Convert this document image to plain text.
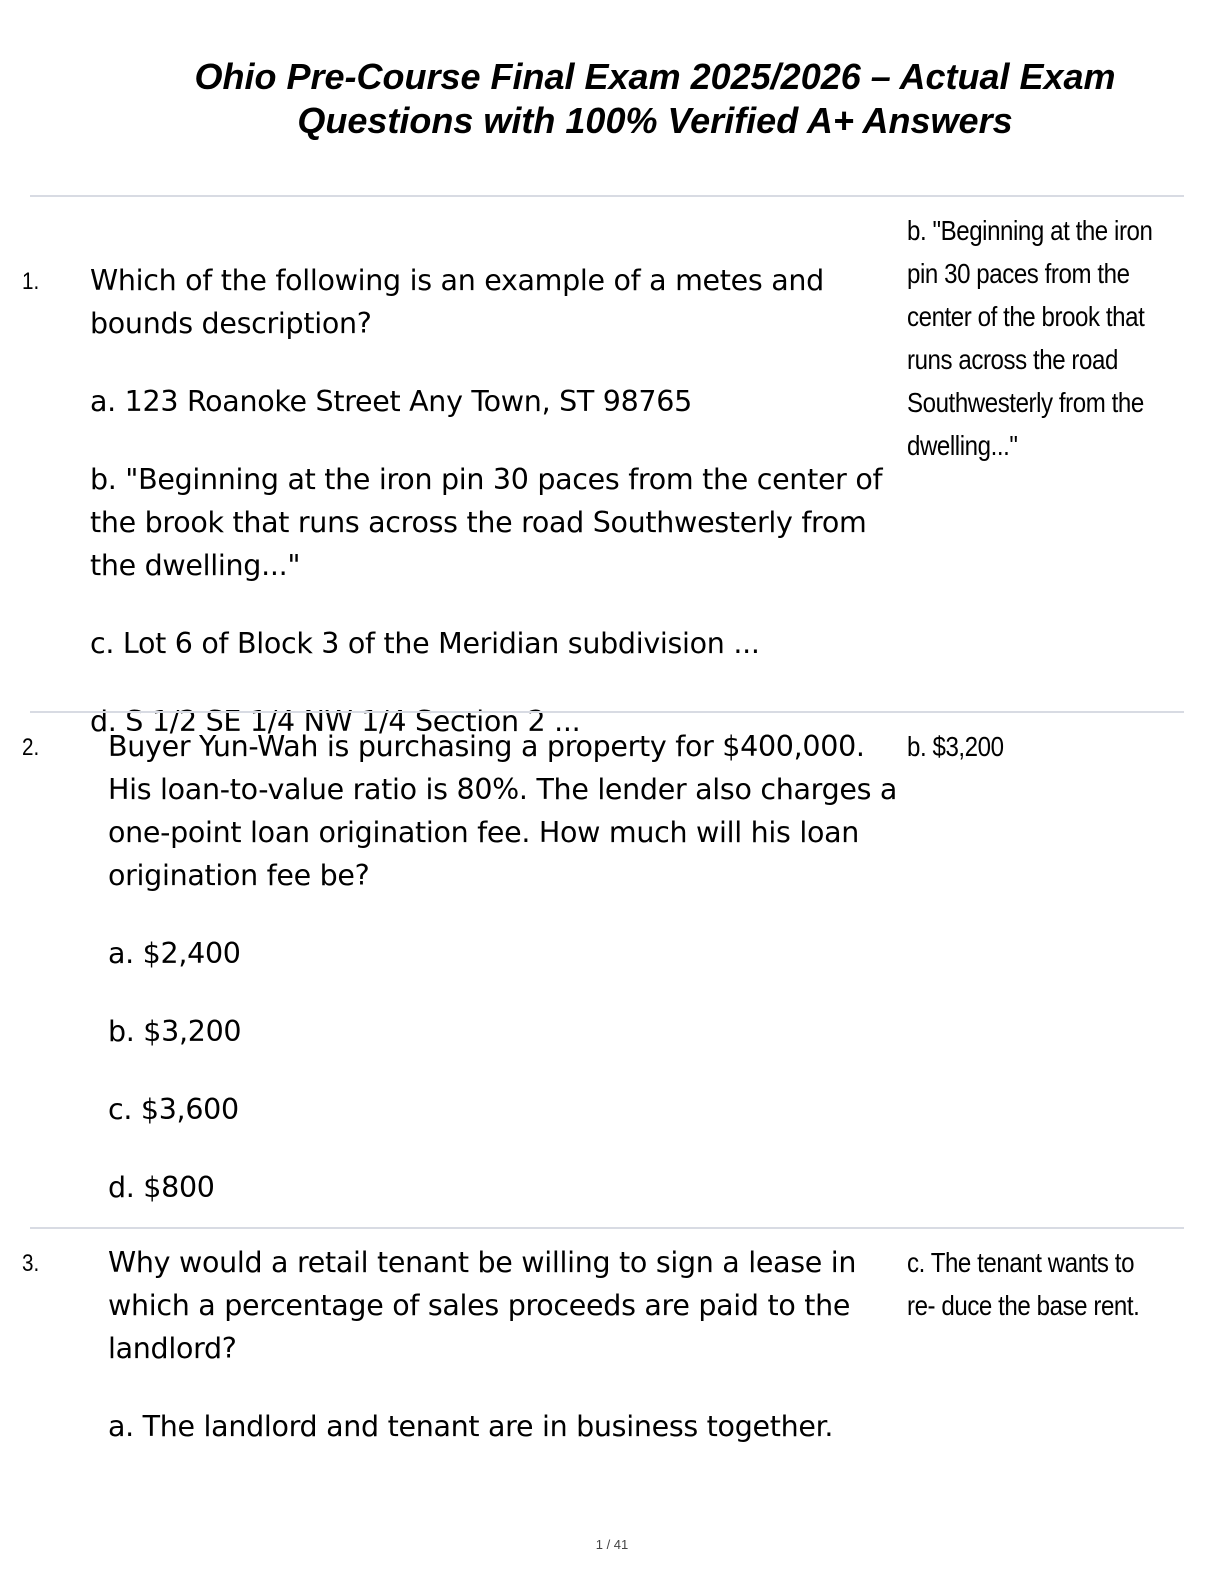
Ohio Pre-Course Final Exam 2025/2026 – Actual Exam
Questions with 100% Verified A+ Answers
1. Which of the following is an example of a metes and bounds description?

a. 123 Roanoke Street Any Town, ST 98765

b. "Beginning at the iron pin 30 paces from the center of the brook that runs across the road Southwesterly from the dwelling..."

c. Lot 6 of Block 3 of the Meridian subdivision ...

d. S 1/2 SE 1/4 NW 1/4 Section 2 ...

b. "Beginning at the iron pin 30 paces from the center of the brook that runs across the road Southwesterly from the dwelling..."
2. Buyer Yun-Wah is purchasing a property for $400,000. His loan-to-value ratio is 80%. The lender also charges a one-point loan origination fee. How much will his loan origination fee be?

a. $2,400

b. $3,200

c. $3,600

d. $800

b. $3,200
3. Why would a retail tenant be willing to sign a lease in which a percentage of sales proceeds are paid to the landlord?

a. The landlord and tenant are in business together.

c. The tenant wants to re- duce the base rent.
1 / 41
